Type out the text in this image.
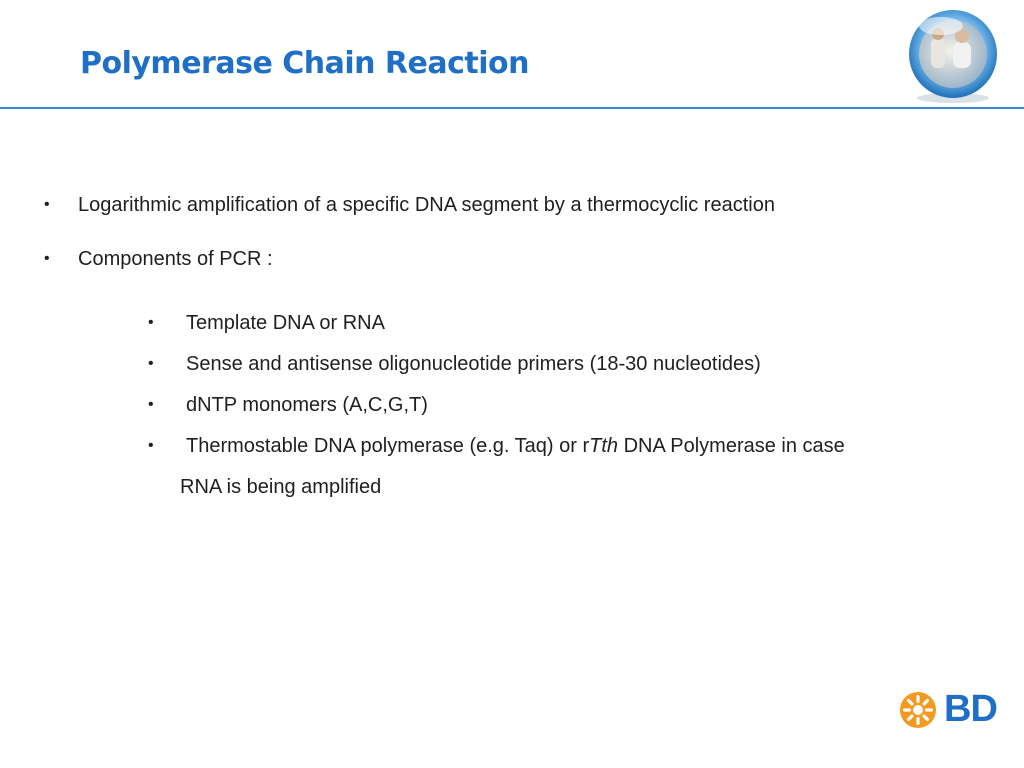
Polymerase Chain Reaction
• Logarithmic amplification of a specific DNA segment by a thermocyclic reaction
• Components of PCR :
• Template DNA or RNA
• Sense and antisense oligonucleotide primers (18-30 nucleotides)
• dNTP monomers (A,C,G,T)
• Thermostable DNA polymerase (e.g. Taq) or rTth DNA Polymerase in case
RNA is being amplified
BD
